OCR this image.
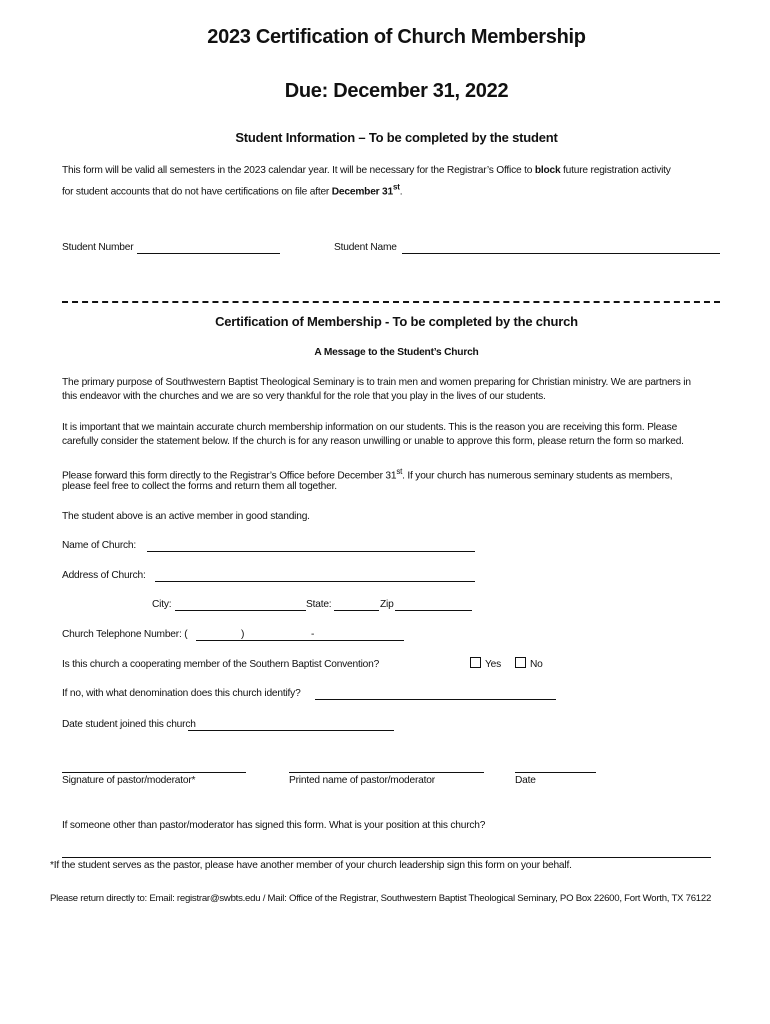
2023 Certification of Church Membership
Due: December 31, 2022
Student Information – To be completed by the student
This form will be valid all semesters in the 2023 calendar year. It will be necessary for the Registrar’s Office to block future registration activity
for student accounts that do not have certifications on file after December 31st.
Student Number	Student Name
Certification of Membership - To be completed by the church
A Message to the Student’s Church
The primary purpose of Southwestern Baptist Theological Seminary is to train men and women preparing for Christian ministry. We are partners in
this endeavor with the churches and we are so very thankful for the role that you play in the lives of our students.
It is important that we maintain accurate church membership information on our students. This is the reason you are receiving this form. Please
carefully consider the statement below. If the church is for any reason unwilling or unable to approve this form, please return the form so marked.
Please forward this form directly to the Registrar’s Office before December 31st. If your church has numerous seminary students as members,
please feel free to collect the forms and return them all together.
The student above is an active member in good standing.
Name of Church:
Address of Church:
City:	State:	Zip
Church Telephone Number: (	)	-
Is this church a cooperating member of the Southern Baptist Convention?	Yes	No
If no, with what denomination does this church identify?
Date student joined this church
Signature of pastor/moderator*	Printed name of pastor/moderator	Date
If someone other than pastor/moderator has signed this form. What is your position at this church?
*If the student serves as the pastor, please have another member of your church leadership sign this form on your behalf.
Please return directly to: Email: registrar@swbts.edu / Mail: Office of the Registrar, Southwestern Baptist Theological Seminary, PO Box 22600, Fort Worth, TX 76122
